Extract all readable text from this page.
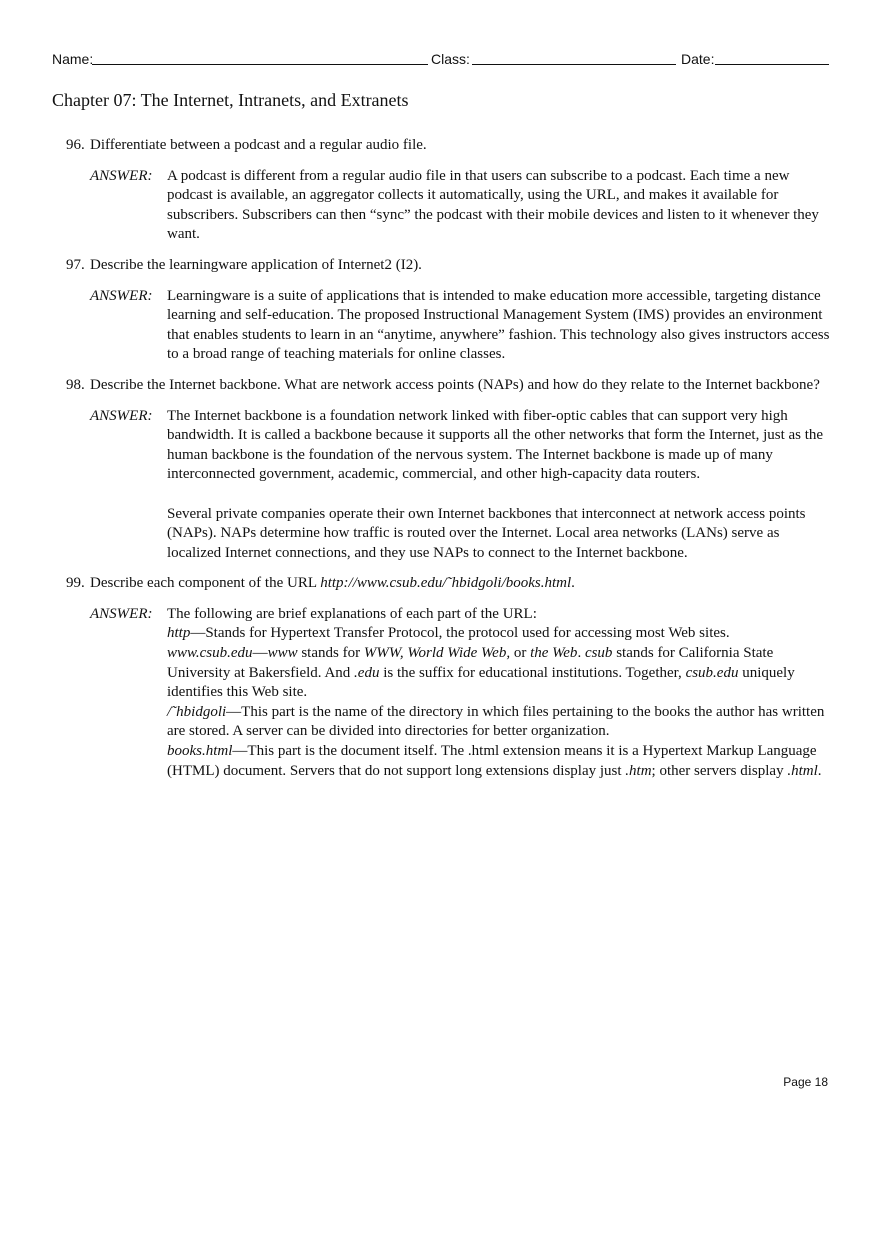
Name:	Class:	Date:
Chapter 07: The Internet, Intranets, and Extranets
96. Differentiate between a podcast and a regular audio file.
ANSWER: A podcast is different from a regular audio file in that users can subscribe to a podcast. Each time a new podcast is available, an aggregator collects it automatically, using the URL, and makes it available for subscribers. Subscribers can then “sync” the podcast with their mobile devices and listen to it whenever they want.

97. Describe the learningware application of Internet2 (I2).
ANSWER: Learningware is a suite of applications that is intended to make education more accessible, targeting distance learning and self-education. The proposed Instructional Management System (IMS) provides an environment that enables students to learn in an “anytime, anywhere” fashion. This technology also gives instructors access to a broad range of teaching materials for online classes.

98. Describe the Internet backbone. What are network access points (NAPs) and how do they relate to the Internet backbone?
ANSWER: The Internet backbone is a foundation network linked with fiber-optic cables that can support very high bandwidth. It is called a backbone because it supports all the other networks that form the Internet, just as the human backbone is the foundation of the nervous system. The Internet backbone is made up of many interconnected government, academic, commercial, and other high-capacity data routers.

Several private companies operate their own Internet backbones that interconnect at network access points (NAPs). NAPs determine how traffic is routed over the Internet. Local area networks (LANs) serve as localized Internet connections, and they use NAPs to connect to the Internet backbone.

99. Describe each component of the URL http://www.csub.edu/˜hbidgoli/books.html.
ANSWER: The following are brief explanations of each part of the URL:

http—Stands for Hypertext Transfer Protocol, the protocol used for accessing most Web sites.

www.csub.edu—www stands for WWW, World Wide Web, or the Web. csub stands for California State University at Bakersfield. And .edu is the suffix for educational institutions. Together, csub.edu uniquely identifies this Web site.

/˜hbidgoli—This part is the name of the directory in which files pertaining to the books the author has written are stored. A server can be divided into directories for better organization.

books.html—This part is the document itself. The .html extension means it is a Hypertext Markup Language (HTML) document. Servers that do not support long extensions display just .htm; other servers display .html.

Page 18
